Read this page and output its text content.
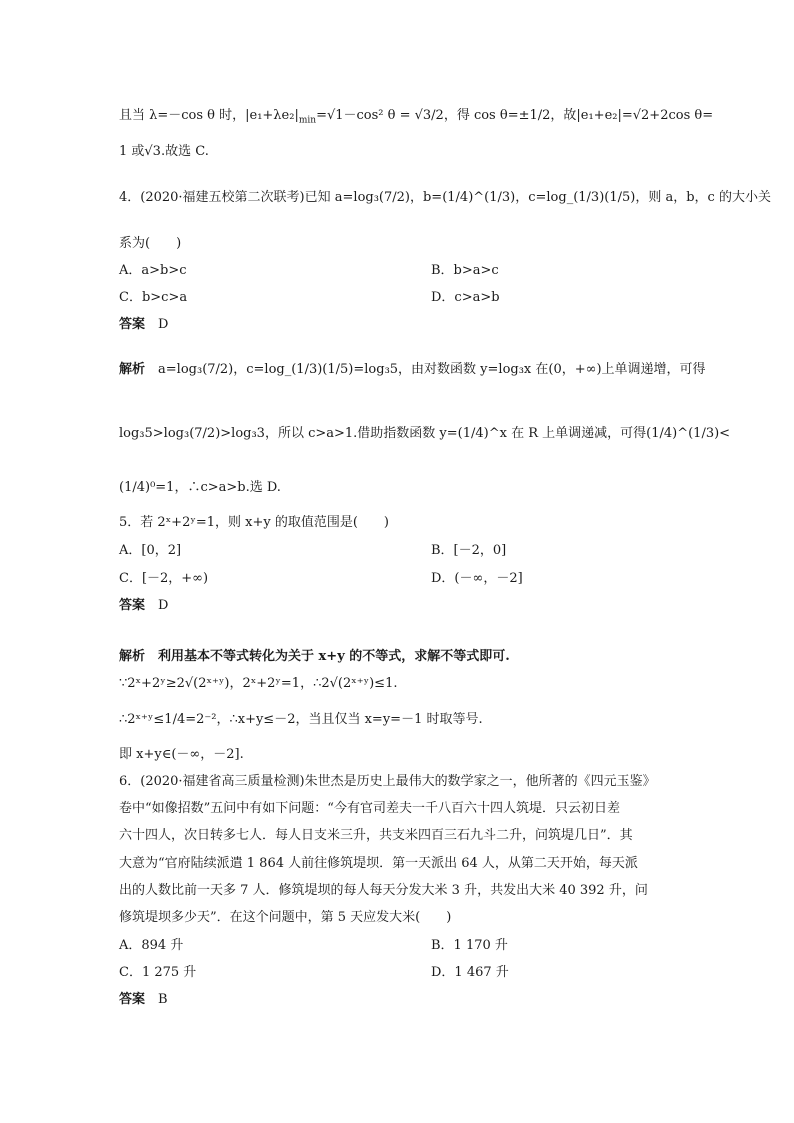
且当 λ=－cos θ 时，$|e_1+\lambda e_2|_{min}=√1-\cos^2$ θ = √3/2，得 cos θ=±1/2，故|e₁+e₂|=√2+2cos θ=
1 或√3.故选 C.
4．(2020·福建五校第二次联考)已知 a=log₃(7/2)，b=(1/4)^(1/3)，c=log_(1/3)(1/5)，则 a，b，c 的大小关
系为(　　)
A．a>b>c	B．b>a>c
C．b>c>a	D．c>a>b
答案　 D
解析　 a=log₃(7/2)，c=log_(1/3)(1/5)=log₃5，由对数函数 y=log₃x 在(0，+∞)上单调递增，可得
log₃5>log₃(7/2)>log₃3，所以 c>a>1.借助指数函数 y=(1/4)^x 在 R 上单调递减，可得(1/4)^(1/3)<
(1/4)⁰=1，∴c>a>b.选 D.
5．若 2ˣ+2ʸ=1，则 x+y 的取值范围是(　　)
A．[0，2]	B．[－2，0]
C．[－2，+∞)	D．(－∞，－2]
答案　 D
解析　 利用基本不等式转化为关于 x+y 的不等式，求解不等式即可.
∵2ˣ+2ʸ≥2√(2ˣ⁺ʸ)，2ˣ+2ʸ=1，∴2√(2ˣ⁺ʸ)≤1.
∴2ˣ⁺ʸ≤1/4=2⁻²，∴x+y≤－2，当且仅当 x=y=－1 时取等号.
即 x+y∈(－∞，－2].
6．(2020·福建省高三质量检测)朱世杰是历史上最伟大的数学家之一，他所著的《四元玉鉴》
卷中“如像招数”五问中有如下问题：“今有官司差夫一千八百六十四人筑堤．只云初日差
六十四人，次日转多七人．每人日支米三升，共支米四百三石九斗二升，问筑堤几日”．其
大意为“官府陆续派遣 1 864 人前往修筑堤坝．第一天派出 64 人，从第二天开始，每天派
出的人数比前一天多 7 人．修筑堤坝的每人每天分发大米 3 升，共发出大米 40 392 升，问
修筑堤坝多少天”．在这个问题中，第 5 天应发大米(　　)
A．894 升	B．1 170 升
C．1 275 升	D．1 467 升
答案　 B
